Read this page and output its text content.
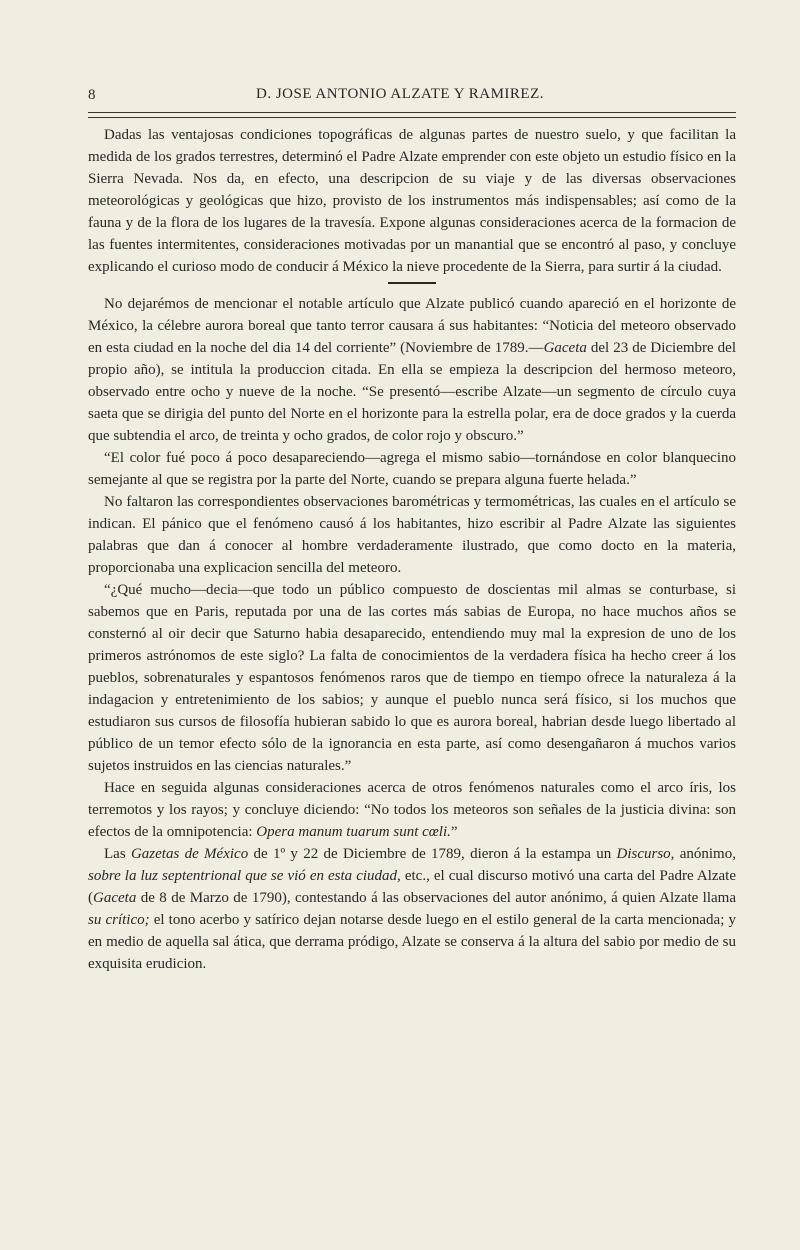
8	D. JOSE ANTONIO ALZATE Y RAMIREZ.

Dadas las ventajosas condiciones topográficas de algunas partes de nuestro suelo, y que facilitan la medida de los grados terrestres, determinó el Padre Alzate emprender con este objeto un estudio físico en la Sierra Nevada. Nos da, en efecto, una descripcion de su viaje y de las diversas observaciones meteorológicas y geológicas que hizo, provisto de los instrumentos más indispensables; así como de la fauna y de la flora de los lugares de la travesía. Expone algunas consideraciones acerca de la formacion de las fuentes intermitentes, consideraciones motivadas por un manantial que se encontró al paso, y concluye explicando el curioso modo de conducir á México la nieve procedente de la Sierra, para surtir á la ciudad.

No dejarémos de mencionar el notable artículo que Alzate publicó cuando apareció en el horizonte de México, la célebre aurora boreal que tanto terror causara á sus habitantes: “Noticia del meteoro observado en esta ciudad en la noche del dia 14 del corriente” (Noviembre de 1789.—Gaceta del 23 de Diciembre del propio año), se intitula la produccion citada. En ella se empieza la descripcion del hermoso meteoro, observado entre ocho y nueve de la noche. “Se presentó—escribe Alzate—un segmento de círculo cuya saeta que se dirigia del punto del Norte en el horizonte para la estrella polar, era de doce grados y la cuerda que subtendia el arco, de treinta y ocho grados, de color rojo y obscuro.”

“El color fué poco á poco desapareciendo—agrega el mismo sabio—tornándose en color blanquecino semejante al que se registra por la parte del Norte, cuando se prepara alguna fuerte helada.”

No faltaron las correspondientes observaciones barométricas y termométricas, las cuales en el artículo se indican. El pánico que el fenómeno causó á los habitantes, hizo escribir al Padre Alzate las siguientes palabras que dan á conocer al hombre verdaderamente ilustrado, que como docto en la materia, proporcionaba una explicacion sencilla del meteoro.

“¿Qué mucho—decia—que todo un público compuesto de doscientas mil almas se conturbase, si sabemos que en Paris, reputada por una de las cortes más sabias de Europa, no hace muchos años se consternó al oir decir que Saturno habia desaparecido, entendiendo muy mal la expresion de uno de los primeros astrónomos de este siglo? La falta de conocimientos de la verdadera física ha hecho creer á los pueblos, sobrenaturales y espantosos fenómenos raros que de tiempo en tiempo ofrece la naturaleza á la indagacion y entretenimiento de los sabios; y aunque el pueblo nunca será físico, si los muchos que estudiaron sus cursos de filosofía hubieran sabido lo que es aurora boreal, habrian desde luego libertado al público de un temor efecto sólo de la ignorancia en esta parte, así como desengañaron á muchos varios sujetos instruidos en las ciencias naturales.”

Hace en seguida algunas consideraciones acerca de otros fenómenos naturales como el arco íris, los terremotos y los rayos; y concluye diciendo: “No todos los meteoros son señales de la justicia divina: son efectos de la omnipotencia: Opera manum tuarum sunt cœli.”

Las Gazetas de México de 1º y 22 de Diciembre de 1789, dieron á la estampa un Discurso, anónimo, sobre la luz septentrional que se vió en esta ciudad, etc., el cual discurso motivó una carta del Padre Alzate (Gaceta de 8 de Marzo de 1790), contestando á las observaciones del autor anónimo, á quien Alzate llama su crítico; el tono acerbo y satírico dejan notarse desde luego en el estilo general de la carta mencionada; y en medio de aquella sal ática, que derrama pródigo, Alzate se conserva á la altura del sabio por medio de su exquisita erudicion.
